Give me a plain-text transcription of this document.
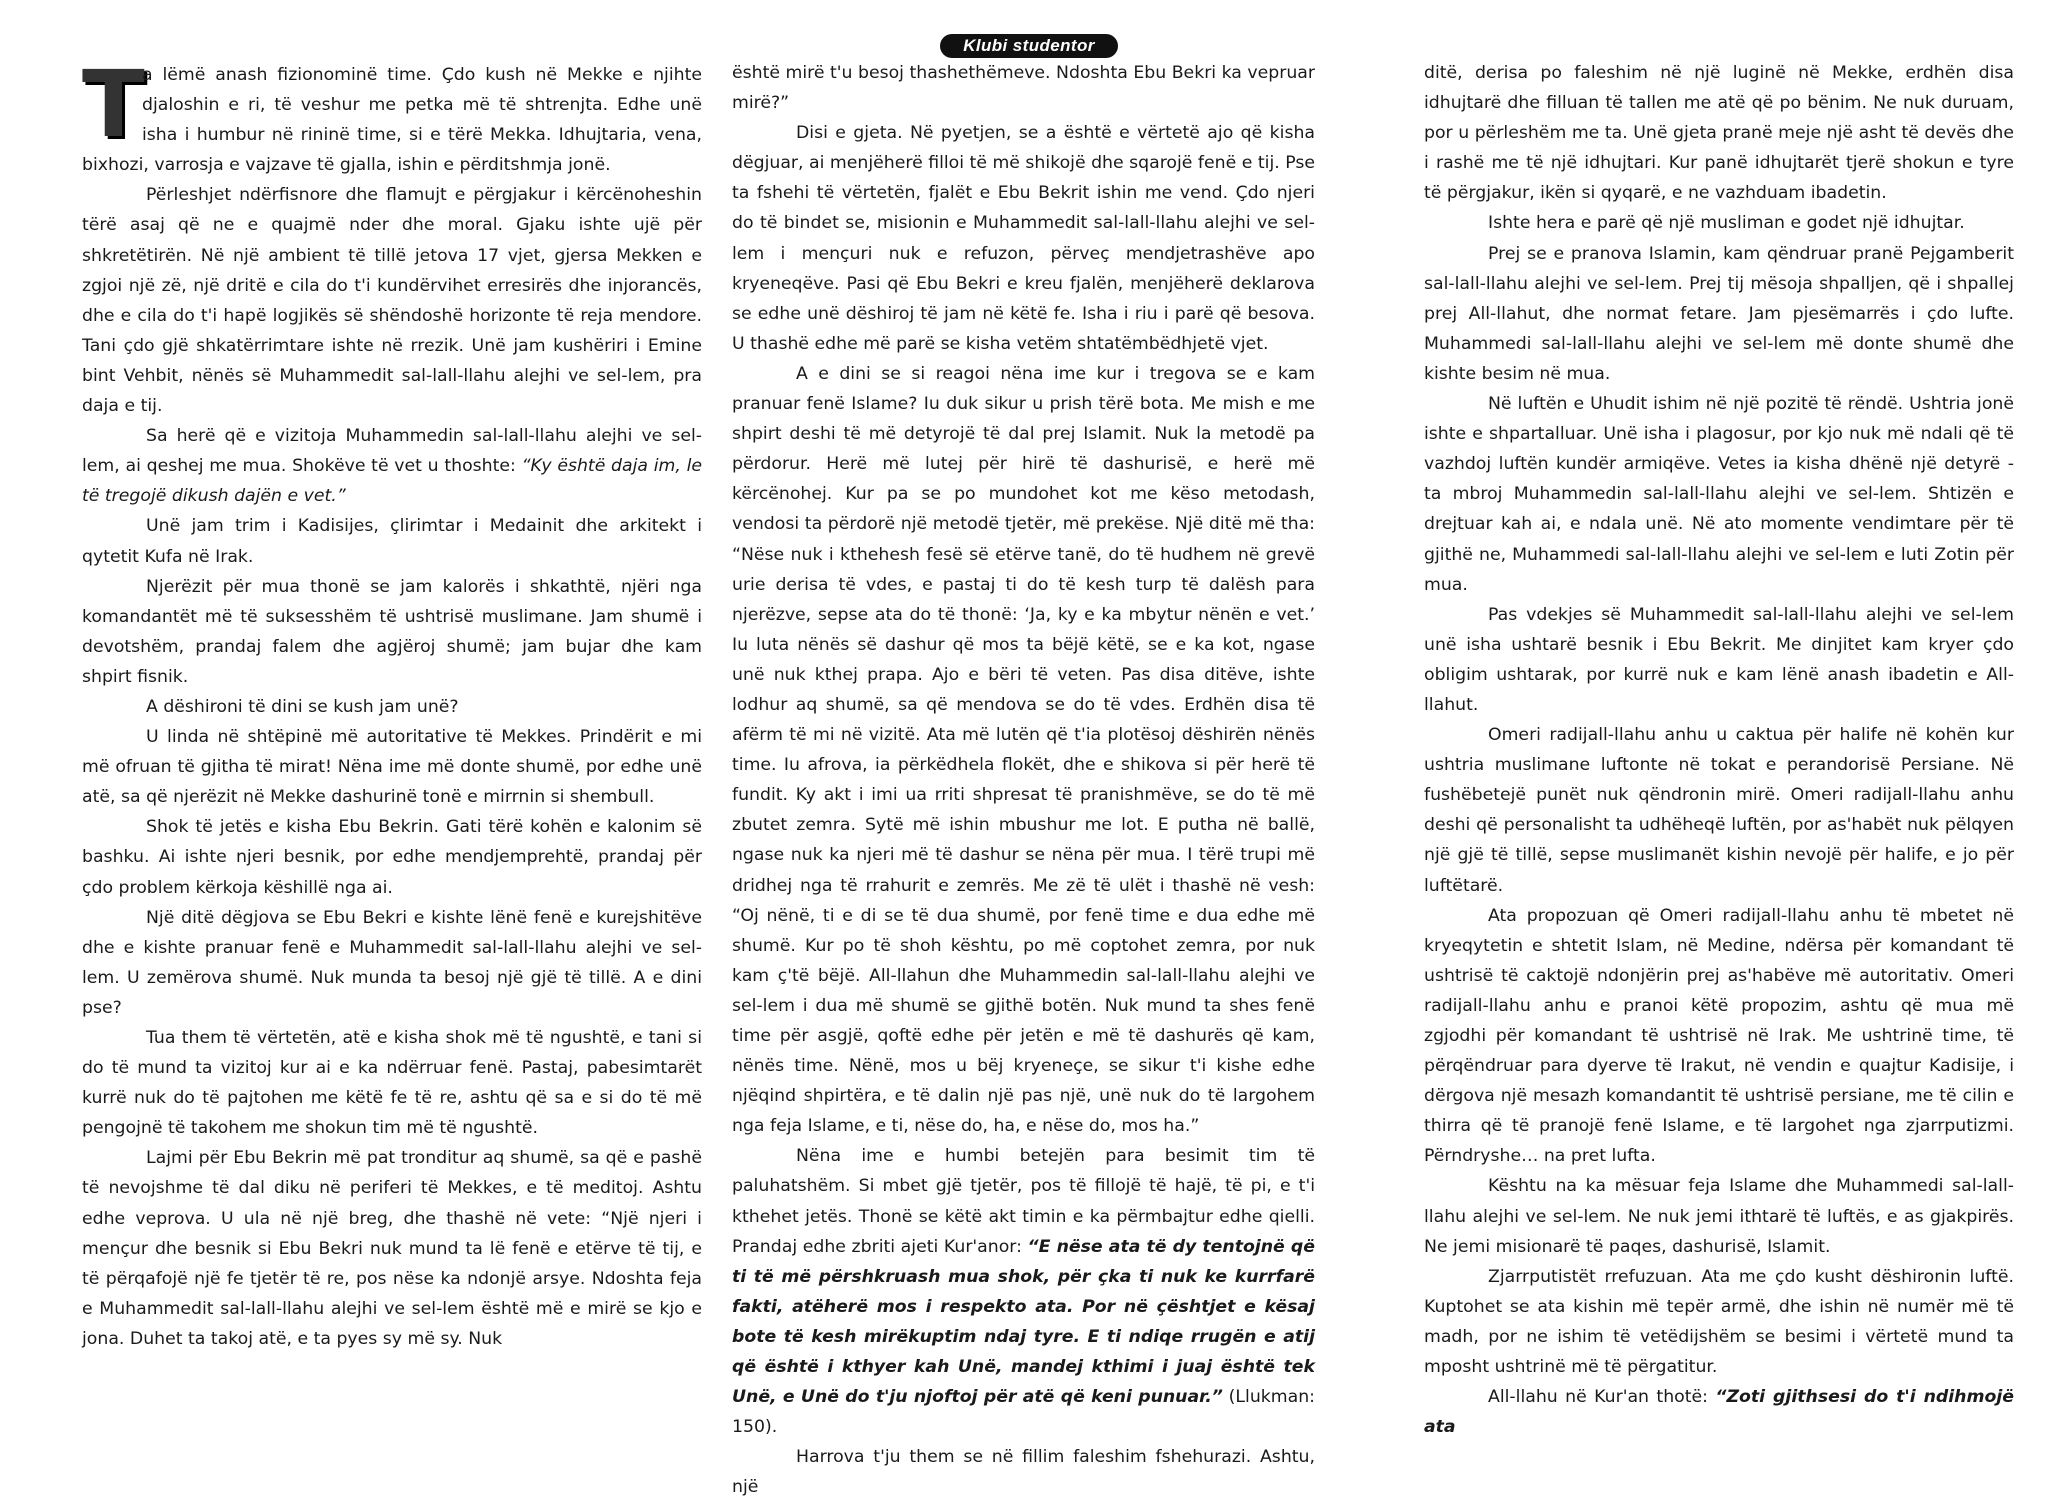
Klubi studentor

T
a lëmë anash fizionominë time. Çdo kush në Mekke e njihte djaloshin e ri, të veshur me petka më të shtrenjta. Edhe unë isha i humbur në rininë time, si e tërë Mekka. Idhujtaria, vena, bixhozi, varrosja e vajzave të gjalla, ishin e përditshmja jonë.

Përleshjet ndërfisnore dhe flamujt e përgjakur i kërcënoheshin tërë asaj që ne e quajmë nder dhe moral. Gjaku ishte ujë për shkretëtirën. Në një ambient të tillë jetova 17 vjet, gjersa Mekken e zgjoi një zë, një dritë e cila do t'i kundërvihet erresirës dhe injorancës, dhe e cila do t'i hapë logjikës së shëndoshë horizonte të reja mendore. Tani çdo gjë shkatërrimtare ishte në rrezik. Unë jam kushëriri i Emine bint Vehbit, nënës së Muhammedit sal-lall-llahu alejhi ve sel-lem, pra daja e tij.

Sa herë që e vizitoja Muhammedin sal-lall-llahu alejhi ve sel-lem, ai qeshej me mua. Shokëve të vet u thoshte: “Ky është daja im, le të tregojë dikush dajën e vet.”

Unë jam trim i Kadisijes, çlirimtar i Medainit dhe arkitekt i qytetit Kufa në Irak.

Njerëzit për mua thonë se jam kalorës i shkathtë, njëri nga komandantët më të suksesshëm të ushtrisë muslimane. Jam shumë i devotshëm, prandaj falem dhe agjëroj shumë; jam bujar dhe kam shpirt fisnik.

A dëshironi të dini se kush jam unë?

U linda në shtëpinë më autoritative të Mekkes. Prindërit e mi më ofruan të gjitha të mirat! Nëna ime më donte shumë, por edhe unë atë, sa që njerëzit në Mekke dashurinë tonë e mirrnin si shembull.

Shok të jetës e kisha Ebu Bekrin. Gati tërë kohën e kalonim së bashku. Ai ishte njeri besnik, por edhe mendjemprehtë, prandaj për çdo problem kërkoja këshillë nga ai.

Një ditë dëgjova se Ebu Bekri e kishte lënë fenë e kurejshitëve dhe e kishte pranuar fenë e Muhammedit sal-lall-llahu alejhi ve sel-lem. U zemërova shumë. Nuk munda ta besoj një gjë të tillë. A e dini pse?

Tua them të vërtetën, atë e kisha shok më të ngushtë, e tani si do të mund ta vizitoj kur ai e ka ndërruar fenë. Pastaj, pabesimtarët kurrë nuk do të pajtohen me këtë fe të re, ashtu që sa e si do të më pengojnë të takohem me shokun tim më të ngushtë.

Lajmi për Ebu Bekrin më pat tronditur aq shumë, sa që e pashë të nevojshme të dal diku në periferi të Mekkes, e të meditoj. Ashtu edhe veprova. U ula në një breg, dhe thashë në vete: “Një njeri i mençur dhe besnik si Ebu Bekri nuk mund ta lë fenë e etërve të tij, e të përqafojë një fe tjetër të re, pos nëse ka ndonjë arsye. Ndoshta feja e Muhammedit sal-lall-llahu alejhi ve sel-lem është më e mirë se kjo e jona. Duhet ta takoj atë, e ta pyes sy më sy. Nuk

është mirë t'u besoj thashethëmeve. Ndoshta Ebu Bekri ka vepruar mirë?”

Disi e gjeta. Në pyetjen, se a është e vërtetë ajo që kisha dëgjuar, ai menjëherë filloi të më shikojë dhe sqarojë fenë e tij. Pse ta fshehi të vërtetën, fjalët e Ebu Bekrit ishin me vend. Çdo njeri do të bindet se, misionin e Muhammedit sal-lall-llahu alejhi ve sel-lem i mençuri nuk e refuzon, përveç mendjetrashëve apo kryeneqëve. Pasi që Ebu Bekri e kreu fjalën, menjëherë deklarova se edhe unë dëshiroj të jam në këtë fe. Isha i riu i parë që besova. U thashë edhe më parë se kisha vetëm shtatëmbëdhjetë vjet.

A e dini se si reagoi nëna ime kur i tregova se e kam pranuar fenë Islame? Iu duk sikur u prish tërë bota. Me mish e me shpirt deshi të më detyrojë të dal prej Islamit. Nuk la metodë pa përdorur. Herë më lutej për hirë të dashurisë, e herë më kërcënohej. Kur pa se po mundohet kot me këso metodash, vendosi ta përdorë një metodë tjetër, më prekëse. Një ditë më tha: “Nëse nuk i kthehesh fesë së etërve tanë, do të hudhem në grevë urie derisa të vdes, e pastaj ti do të kesh turp të dalësh para njerëzve, sepse ata do të thonë: ‘Ja, ky e ka mbytur nënën e vet.’ Iu luta nënës së dashur që mos ta bëjë këtë, se e ka kot, ngase unë nuk kthej prapa. Ajo e bëri të veten. Pas disa ditëve, ishte lodhur aq shumë, sa që mendova se do të vdes. Erdhën disa të afërm të mi në vizitë. Ata më lutën që t'ia plotësoj dëshirën nënës time. Iu afrova, ia përkëdhela flokët, dhe e shikova si për herë të fundit. Ky akt i imi ua rriti shpresat të pranishmëve, se do të më zbutet zemra. Sytë më ishin mbushur me lot. E putha në ballë, ngase nuk ka njeri më të dashur se nëna për mua. I tërë trupi më dridhej nga të rrahurit e zemrës. Me zë të ulët i thashë në vesh: “Oj nënë, ti e di se të dua shumë, por fenë time e dua edhe më shumë. Kur po të shoh kështu, po më coptohet zemra, por nuk kam ç'të bëjë. All-llahun dhe Muhammedin sal-lall-llahu alejhi ve sel-lem i dua më shumë se gjithë botën. Nuk mund ta shes fenë time për asgjë, qoftë edhe për jetën e më të dashurës që kam, nënës time. Nënë, mos u bëj kryeneçe, se sikur t'i kishe edhe njëqind shpirtëra, e të dalin një pas një, unë nuk do të largohem nga feja Islame, e ti, nëse do, ha, e nëse do, mos ha.”

Nëna ime e humbi betejën para besimit tim të paluhatshëm. Si mbet gjë tjetër, pos të fillojë të hajë, të pi, e t'i kthehet jetës. Thonë se këtë akt timin e ka përmbajtur edhe qielli. Prandaj edhe zbriti ajeti Kur'anor: “E nëse ata të dy tentojnë që ti të më përshkruash mua shok, për çka ti nuk ke kurrfarë fakti, atëherë mos i respekto ata. Por në çështjet e kësaj bote të kesh mirëkuptim ndaj tyre. E ti ndiqe rrugën e atij që është i kthyer kah Unë, mandej kthimi i juaj është tek Unë, e Unë do t'ju njoftoj për atë që keni punuar.” (Llukman: 150).

Harrova t'ju them se në fillim faleshim fshehurazi. Ashtu, një

ditë, derisa po faleshim në një luginë në Mekke, erdhën disa idhujtarë dhe filluan të tallen me atë që po bënim. Ne nuk duruam, por u përleshëm me ta. Unë gjeta pranë meje një asht të devës dhe i rashë me të një idhujtari. Kur panë idhujtarët tjerë shokun e tyre të përgjakur, ikën si qyqarë, e ne vazhduam ibadetin.

Ishte hera e parë që një musliman e godet një idhujtar.

Prej se e pranova Islamin, kam qëndruar pranë Pejgamberit sal-lall-llahu alejhi ve sel-lem. Prej tij mësoja shpalljen, që i shpallej prej All-llahut, dhe normat fetare. Jam pjesëmarrës i çdo lufte. Muhammedi sal-lall-llahu alejhi ve sel-lem më donte shumë dhe kishte besim në mua.

Në luftën e Uhudit ishim në një pozitë të rëndë. Ushtria jonë ishte e shpartalluar. Unë isha i plagosur, por kjo nuk më ndali që të vazhdoj luftën kundër armiqëve. Vetes ia kisha dhënë një detyrë - ta mbroj Muhammedin sal-lall-llahu alejhi ve sel-lem. Shtizën e drejtuar kah ai, e ndala unë. Në ato momente vendimtare për të gjithë ne, Muhammedi sal-lall-llahu alejhi ve sel-lem e luti Zotin për mua.

Pas vdekjes së Muhammedit sal-lall-llahu alejhi ve sel-lem unë isha ushtarë besnik i Ebu Bekrit. Me dinjitet kam kryer çdo obligim ushtarak, por kurrë nuk e kam lënë anash ibadetin e All-llahut.

Omeri radijall-llahu anhu u caktua për halife në kohën kur ushtria muslimane luftonte në tokat e perandorisë Persiane. Në fushëbetejë punët nuk qëndronin mirë. Omeri radijall-llahu anhu deshi që personalisht ta udhëheqë luftën, por as'habët nuk pëlqyen një gjë të tillë, sepse muslimanët kishin nevojë për halife, e jo për luftëtarë.

Ata propozuan që Omeri radijall-llahu anhu të mbetet në kryeqytetin e shtetit Islam, në Medine, ndërsa për komandant të ushtrisë të caktojë ndonjërin prej as'habëve më autoritativ. Omeri radijall-llahu anhu e pranoi këtë propozim, ashtu që mua më zgjodhi për komandant të ushtrisë në Irak. Me ushtrinë time, të përqëndruar para dyerve të Irakut, në vendin e quajtur Kadisije, i dërgova një mesazh komandantit të ushtrisë persiane, me të cilin e thirra që të pranojë fenë Islame, e të largohet nga zjarrputizmi. Përndryshe… na pret lufta.

Kështu na ka mësuar feja Islame dhe Muhammedi sal-lall-llahu alejhi ve sel-lem. Ne nuk jemi ithtarë të luftës, e as gjakpirës. Ne jemi misionarë të paqes, dashurisë, Islamit.

Zjarrputistët rrefuzuan. Ata me çdo kusht dëshironin luftë. Kuptohet se ata kishin më tepër armë, dhe ishin në numër më të madh, por ne ishim të vetëdijshëm se besimi i vërtetë mund ta mposht ushtrinë më të përgatitur.

All-llahu në Kur'an thotë: “Zoti gjithsesi do t'i ndihmojë ata
